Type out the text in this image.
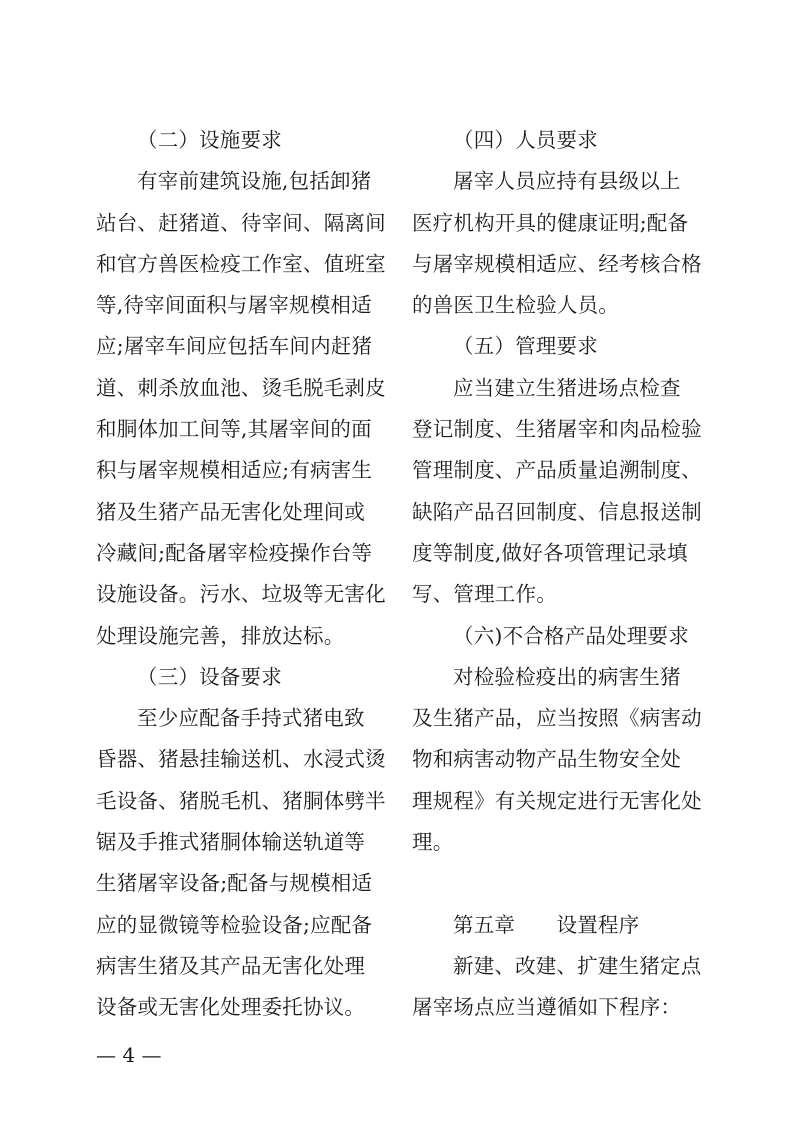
（二）设施要求
有宰前建筑设施,包括卸猪
站台、赶猪道、待宰间、隔离间
和官方兽医检疫工作室、值班室
等,待宰间面积与屠宰规模相适
应;屠宰车间应包括车间内赶猪
道、刺杀放血池、烫毛脱毛剥皮
和胴体加工间等,其屠宰间的面
积与屠宰规模相适应;有病害生
猪及生猪产品无害化处理间或
冷藏间;配备屠宰检疫操作台等
设施设备。污水、垃圾等无害化
处理设施完善，排放达标。
（三）设备要求
至少应配备手持式猪电致
昏器、猪悬挂输送机、水浸式烫
毛设备、猪脱毛机、猪胴体劈半
锯及手推式猪胴体输送轨道等
生猪屠宰设备;配备与规模相适
应的显微镜等检验设备;应配备
病害生猪及其产品无害化处理
设备或无害化处理委托协议。
（四）人员要求
屠宰人员应持有县级以上
医疗机构开具的健康证明;配备
与屠宰规模相适应、经考核合格
的兽医卫生检验人员。
（五）管理要求
应当建立生猪进场点检查
登记制度、生猪屠宰和肉品检验
管理制度、产品质量追溯制度、
缺陷产品召回制度、信息报送制
度等制度,做好各项管理记录填
写、管理工作。
（六)不合格产品处理要求
对检验检疫出的病害生猪
及生猪产品，应当按照《病害动
物和病害动物产品生物安全处
理规程》有关规定进行无害化处
理。
第五章　　设置程序
新建、改建、扩建生猪定点
屠宰场点应当遵循如下程序：
— 4 —
